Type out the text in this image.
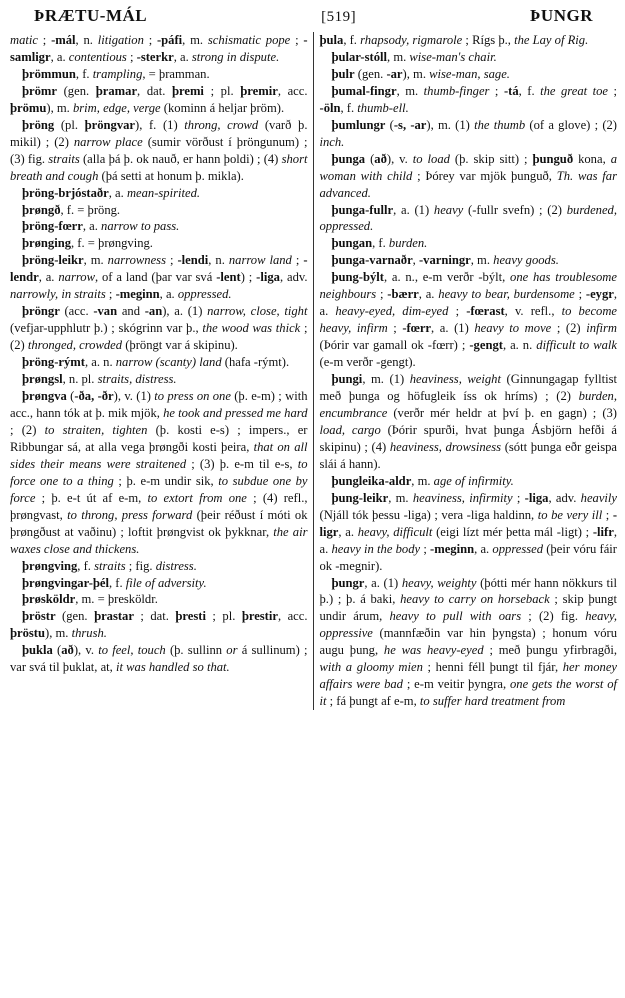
ÞRÆTU-MÁL	[519]	ÞUNGR

matic ; -mál, n. litigation ; -páfi, m. schismatic pope ; -samligr, a. contentious ; -sterkr, a. strong in dispute.

þrömmun, f. trampling, = þramman.

þrömr (gen. þramar, dat. þremi ; pl. þremir, acc. þrömu), m. brim, edge, verge (kominn á heljar þröm).

þröng (pl. þröngvar), f. (1) throng, crowd (varð þ. mikil) ; (2) narrow place (sumir vörðust í þröngunum) ; (3) fig. straits (alla þá þ. ok nauð, er hann þoldi) ; (4) short breath and cough (þá setti at honum þ. mikla).

þröng-brjóstaðr, a. mean-spirited.

þrøngð, f. = þröng.

þröng-fœrr, a. narrow to pass.

þrønging, f. = þrøngving.

þröng-leikr, m. narrowness ; -lendi, n. narrow land ; -lendr, a. narrow, of a land (þar var svá -lent) ; -liga, adv. narrowly, in straits ; -meginn, a. oppressed.

þröngr (acc. -van and -an), a. (1) narrow, close, tight (vefjar-upphlutr þ.) ; skógrinn var þ., the wood was thick ; (2) thronged, crowded (þröngt var á skipinu).

þröng-rýmt, a. n. narrow (scanty) land (hafa -rýmt).

þrøngsl, n. pl. straits, distress.

þrøngva (-ða, -ðr), v. (1) to press on one (þ. e-m) ; with acc., hann tók at þ. mik mjök, he took and pressed me hard ; (2) to straiten, tighten (þ. kosti e-s) ; impers., er Ribbungar sá, at alla vega þrøngði kosti þeira, that on all sides their means were straitened ; (3) þ. e-m til e-s, to force one to a thing ; þ. e-m undir sik, to subdue one by force ; þ. e-t út af e-m, to extort from one ; (4) refl., þrøngvast, to throng, press forward (þeir réðust í móti ok þrøngðust at vaðinu) ; loftit þrøngvist ok þykknar, the air waxes close and thickens.

þrøngving, f. straits ; fig. distress.

þrøngvingar-þél, f. file of adversity.

þrøsköldr, m. = þresköldr.

þröstr (gen. þrastar ; dat. þresti ; pl. þrestir, acc. þröstu), m. thrush.

þukla (að), v. to feel, touch (þ. sullinn or á sullinum) ; var svá til þuklat, at, it was handled so that.

þula, f. rhapsody, rigmarole ; Rígs þ., the Lay of Rig.

þular-stóll, m. wise-man's chair.

þulr (gen. -ar), m. wise-man, sage.

þumal-fingr, m. thumb-finger ; -tá, f. the great toe ; -öln, f. thumb-ell.

þumlungr (-s, -ar), m. (1) the thumb (of a glove) ; (2) inch.

þunga (að), v. to load (þ. skip sitt) ; þunguð kona, a woman with child ; Þórey var mjök þunguð, Th. was far advanced.

þunga-fullr, a. (1) heavy (-fullr svefn) ; (2) burdened, oppressed.

þungan, f. burden.

þunga-varnaðr, -varningr, m. heavy goods.

þung-býlt, a. n., e-m verðr -býlt, one has troublesome neighbours ; -bærr, a. heavy to bear, burdensome ; -eygr, a. heavy-eyed, dim-eyed ; -fœrast, v. refl., to become heavy, infirm ; -fœrr, a. (1) heavy to move ; (2) infirm (Þórir var gamall ok -fœrr) ; -gengt, a. n. difficult to walk (e-m verðr -gengt).

þungi, m. (1) heaviness, weight (Ginnungagap fylltist með þunga og höfugleik íss ok hríms) ; (2) burden, encumbrance (verðr mér heldr at því þ. en gagn) ; (3) load, cargo (Þórir spurði, hvat þunga Ásbjörn hefði á skipinu) ; (4) heaviness, drowsiness (sótt þunga eðr geispa slái á hann).

þungleika-aldr, m. age of infirmity.

þung-leikr, m. heaviness, infirmity ; -liga, adv. heavily (Njáll tók þessu -liga) ; vera -liga haldinn, to be very ill ; -ligr, a. heavy, difficult (eigi lízt mér þetta mál -ligt) ; -lifr, a. heavy in the body ; -meginn, a. oppressed (þeir vóru fáir ok -megnir).

þungr, a. (1) heavy, weighty (þótti mér hann nökkurs til þ.) ; þ. á baki, heavy to carry on horseback ; skip þungt undir árum, heavy to pull with oars ; (2) fig. heavy, oppressive (mannfæðin var hin þyngsta) ; honum vóru augu þung, he was heavy-eyed ; með þungu yfirbragði, with a gloomy mien ; henni féll þungt til fjár, her money affairs were bad ; e-m veitir þyngra, one gets the worst of it ; fá þungt af e-m, to suffer hard treatment from
